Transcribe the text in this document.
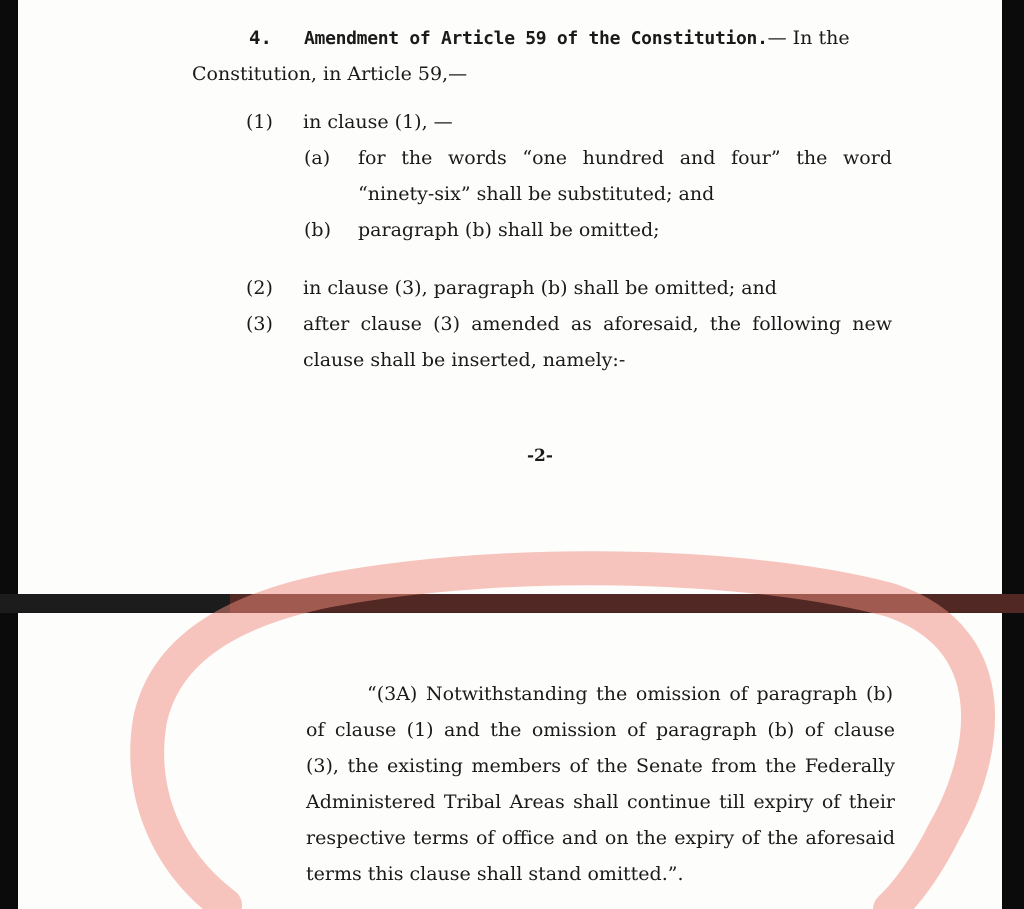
4. Amendment of Article 59 of the Constitution.— In the
Constitution, in Article 59,—
(1) in clause (1), —
(a) for the words “one hundred and four” the word
“ninety-six” shall be substituted; and
(b) paragraph (b) shall be omitted;
(2) in clause (3), paragraph (b) shall be omitted; and
(3) after clause (3) amended as aforesaid, the following new
clause shall be inserted, namely:-
-2-
“(3A) Notwithstanding the omission of paragraph (b)
of clause (1) and the omission of paragraph (b) of clause
(3), the existing members of the Senate from the Federally
Administered Tribal Areas shall continue till expiry of their
respective terms of office and on the expiry of the aforesaid
terms this clause shall stand omitted.”.
